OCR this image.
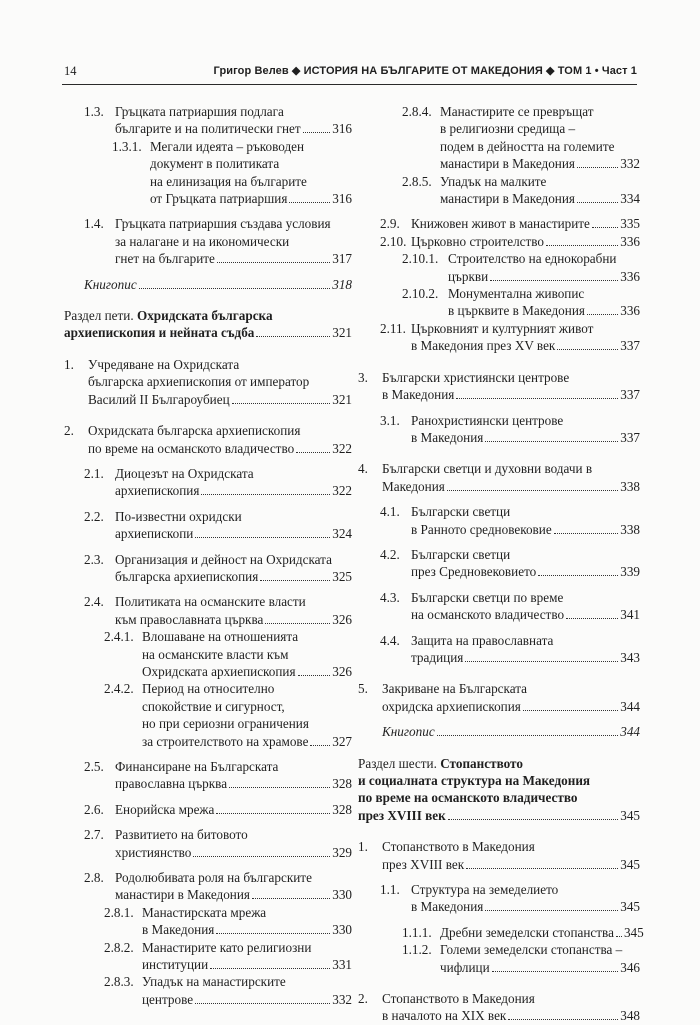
14	Григор Велев ◆ ИСТОРИЯ НА БЪЛГАРИТЕ ОТ МАКЕДОНИЯ ◆ ТОМ 1 • Част 1
1.3. Гръцката патриаршия подлага
българите и на политически гнет 316
1.3.1. Мегали идеята – ръководен
документ в политиката
на елинизация на българите
от Гръцката патриаршия	316
1.4. Гръцката патриаршия създава условия
за налагане и на икономически
гнет на българите	317
Книгопис	318
Раздел пети. Охридската българска
архиепископия и нейната съдба	321
1. Учредяване на Охридската
българска архиепископия от император
Василий II Българоубиец	321
2. Охридската българска архиепископия
по време на османското владичество	322
2.1. Диоцезът на Охридската
архиепископия	322
2.2. По-известни охридски
архиепископи	324
2.3. Организация и дейност на Охридската
българска архиепископия	325
2.4. Политиката на османските власти
към православната църква	326
2.4.1. Влошаване на отношенията
на османските власти към
Охридската архиепископия	326
2.4.2. Период на относително
спокойствие и сигурност,
но при сериозни ограничения
за строителството на храмове 327
2.5. Финансиране на Българската
православна църква	328
2.6. Енорийска мрежа	328
2.7. Развитието на битовото
християнство	329
2.8. Родолюбивата роля на българските
манастири в Македония	330
2.8.1. Манастирската мрежа
в Македония	330
2.8.2. Манастирите като религиозни
институции	331
2.8.3. Упадък на манастирските
центрове	332
2.8.4. Манастирите се превръщат
в религиозни средища –
подем в дейността на големите
манастири в Македония	332
2.8.5. Упадък на малките
манастири в Македония	334
2.9. Книжовен живот в манастирите 335
2.10. Църковно строителство	336
2.10.1. Строителство на еднокорабни
църкви	336
2.10.2. Монументална живопис
в църквите в Македония	336
2.11. Църковният и културният живот
в Македония през XV век	337
3. Български християнски центрове
в Македония	337
3.1. Ранохристиянски центрове
в Македония	337
4. Български светци и духовни водачи в
Македония	338
4.1. Български светци
в Ранното средновековие	338
4.2. Български светци
през Средновековието	339
4.3. Български светци по време
на османското владичество	341
4.4. Защита на православната
традиция	343
5. Закриване на Българската
охридска архиепископия	344
Книгопис	344
Раздел шести. Стопанството
и социалната структура на Македония
по време на османското владичество
през XVIII век	345
1. Стопанството в Македония
през XVIII век	345
1.1. Структура на земеделието
в Македония	345
1.1.1. Дребни земеделски стопанства 345
1.1.2. Големи земеделски стопанства –
чифлици	346
2. Стопанството в Македония
в началото на XIX век	348
